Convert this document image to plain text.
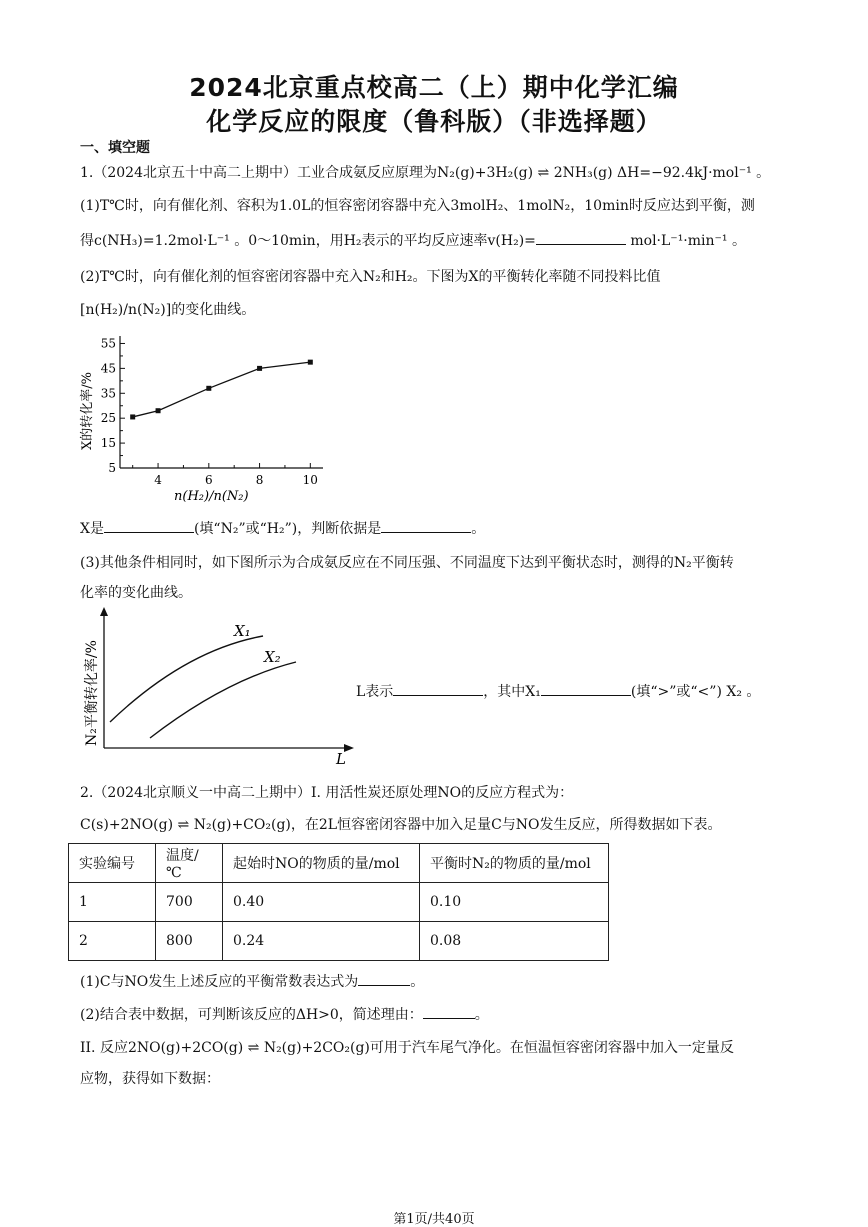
2024北京重点校高二（上）期中化学汇编
化学反应的限度（鲁科版）（非选择题）
一、填空题
1.（2024北京五十中高二上期中）工业合成氨反应原理为N₂(g)+3H₂(g) ⇌ 2NH₃(g) ΔH=−92.4kJ·mol⁻¹ 。
(1)T℃时，向有催化剂、容积为1.0L的恒容密闭容器中充入3molH₂、1molN₂，10min时反应达到平衡，测
得c(NH₃)=1.2mol·L⁻¹ 。0～10min，用H₂表示的平均反应速率v(H₂)=	mol·L⁻¹·min⁻¹ 。
(2)T℃时，向有催化剂的恒容密闭容器中充入N₂和H₂。下图为X的平衡转化率随不同投料比值
[n(H₂)/n(N₂)]的变化曲线。
5
15
25
35
45
55
4	6	8	10
X的转化率/%
n(H₂)/n(N₂)
X是	(填“N₂”或“H₂”)，判断依据是	。
(3)其他条件相同时，如下图所示为合成氨反应在不同压强、不同温度下达到平衡状态时，测得的N₂平衡转
化率的变化曲线。
X₁
X₂
N₂平衡转化率/%
L
L表示	，其中X₁	(填“>”或“<”) X₂ 。
2.（2024北京顺义一中高二上期中）I. 用活性炭还原处理NO的反应方程式为：
C(s)+2NO(g) ⇌ N₂(g)+CO₂(g)，在2L恒容密闭容器中加入足量C与NO发生反应，所得数据如下表。
实验编号	温度/℃	起始时NO的物质的量/mol	平衡时N₂的物质的量/mol
1	700	0.40	0.10
2	800	0.24	0.08
(1)C与NO发生上述反应的平衡常数表达式为	。
(2)结合表中数据，可判断该反应的ΔH>0，简述理由：	。
II. 反应2NO(g)+2CO(g) ⇌ N₂(g)+2CO₂(g)可用于汽车尾气净化。在恒温恒容密闭容器中加入一定量反
应物，获得如下数据：
第1页/共40页
